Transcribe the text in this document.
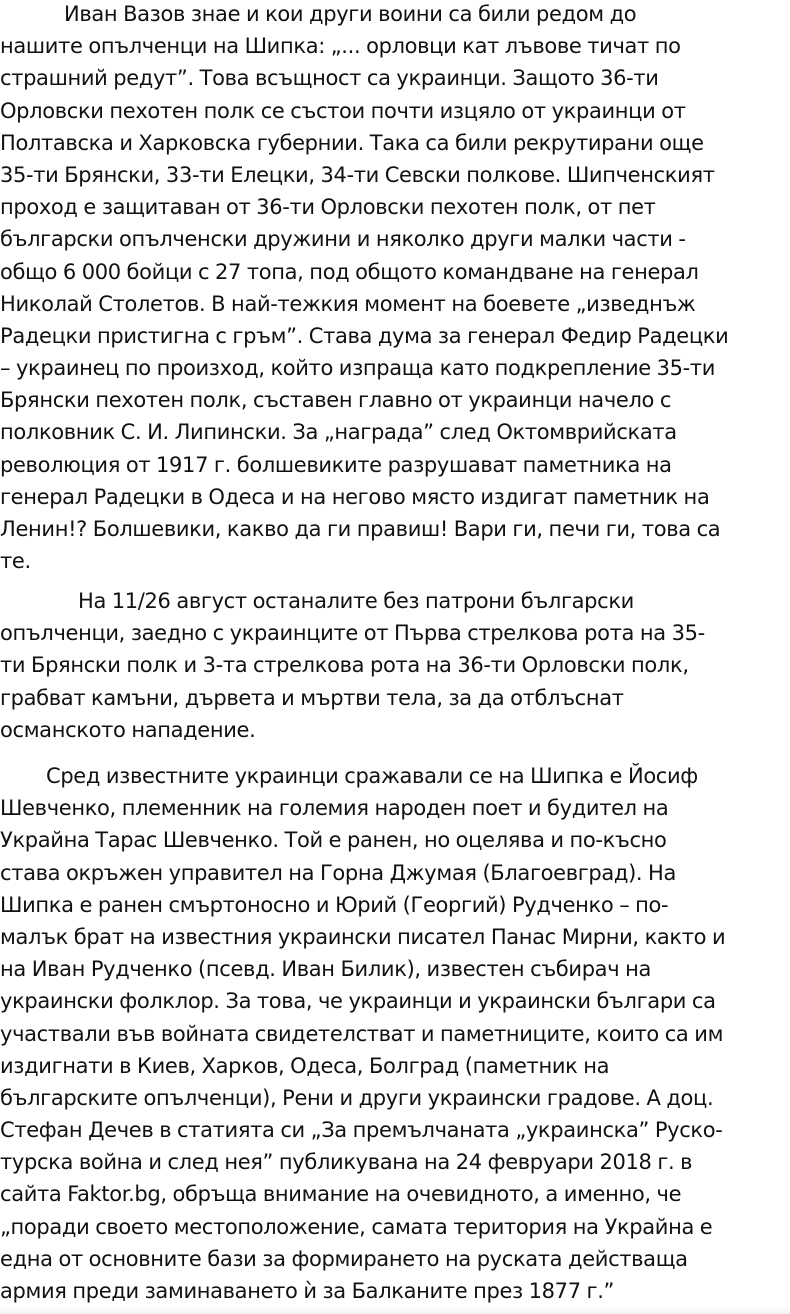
Иван Вазов знае и кои други воини са били редом до
нашите опълченци на Шипка: „... орловци кат лъвове тичат по
страшний редут”. Това всъщност са украинци. Защото 36-ти
Орловски пехотен полк се състои почти изцяло от украинци от
Полтавска и Харковска губернии. Така са били рекрутирани още
35-ти Брянски, 33-ти Елецки, 34-ти Севски полкове. Шипченският
проход е защитаван от 36-ти Орловски пехотен полк, от пет
български опълченски дружини и няколко други малки части -
общо 6 000 бойци с 27 топа, под общото командване на генерал
Николай Столетов. В най-тежкия момент на боевете „изведнъж
Радецки пристигна с гръм”. Става дума за генерал Федир Радецки
– украинец по произход, който изпраща като подкрепление 35-ти
Брянски пехотен полк, съставен главно от украинци начело с
полковник С. И. Липински. За „награда” след Октомврийската
революция от 1917 г. болшевиките разрушават паметника на
генерал Радецки в Одеса и на негово място издигат паметник на
Ленин!? Болшевики, какво да ги правиш! Вари ги, печи ги, това са
те.

На 11/26 август останалите без патрони български
опълченци, заедно с украинците от Първа стрелкова рота на 35-
ти Брянски полк и 3-та стрелкова рота на 36-ти Орловски полк,
грабват камъни, дървета и мъртви тела, за да отблъснат
османското нападение.

Сред известните украинци сражавали се на Шипка е Йосиф
Шевченко, племенник на големия народен поет и будител на
Украйна Тарас Шевченко. Той е ранен, но оцелява и по-късно
става окръжен управител на Горна Джумая (Благоевград). На
Шипка е ранен смъртоносно и Юрий (Георгий) Рудченко – по-
малък брат на известния украински писател Панас Мирни, както и
на Иван Рудченко (псевд. Иван Билик), известен събирач на
украински фолклор. За това, че украинци и украински българи са
участвали във войната свидетелстват и паметниците, които са им
издигнати в Киев, Харков, Одеса, Болград (паметник на
българските опълченци), Рени и други украински градове. А доц.
Стефан Дечев в статията си „За премълчаната „украинска” Руско-
турска война и след нея” публикувана на 24 февруари 2018 г. в
сайта Faktor.bg, обръща внимание на очевидното, а именно, че
„поради своето местоположение, самата територия на Украйна е
една от основните бази за формирането на руската действаща
армия преди заминаването ѝ за Балканите през 1877 г.”
